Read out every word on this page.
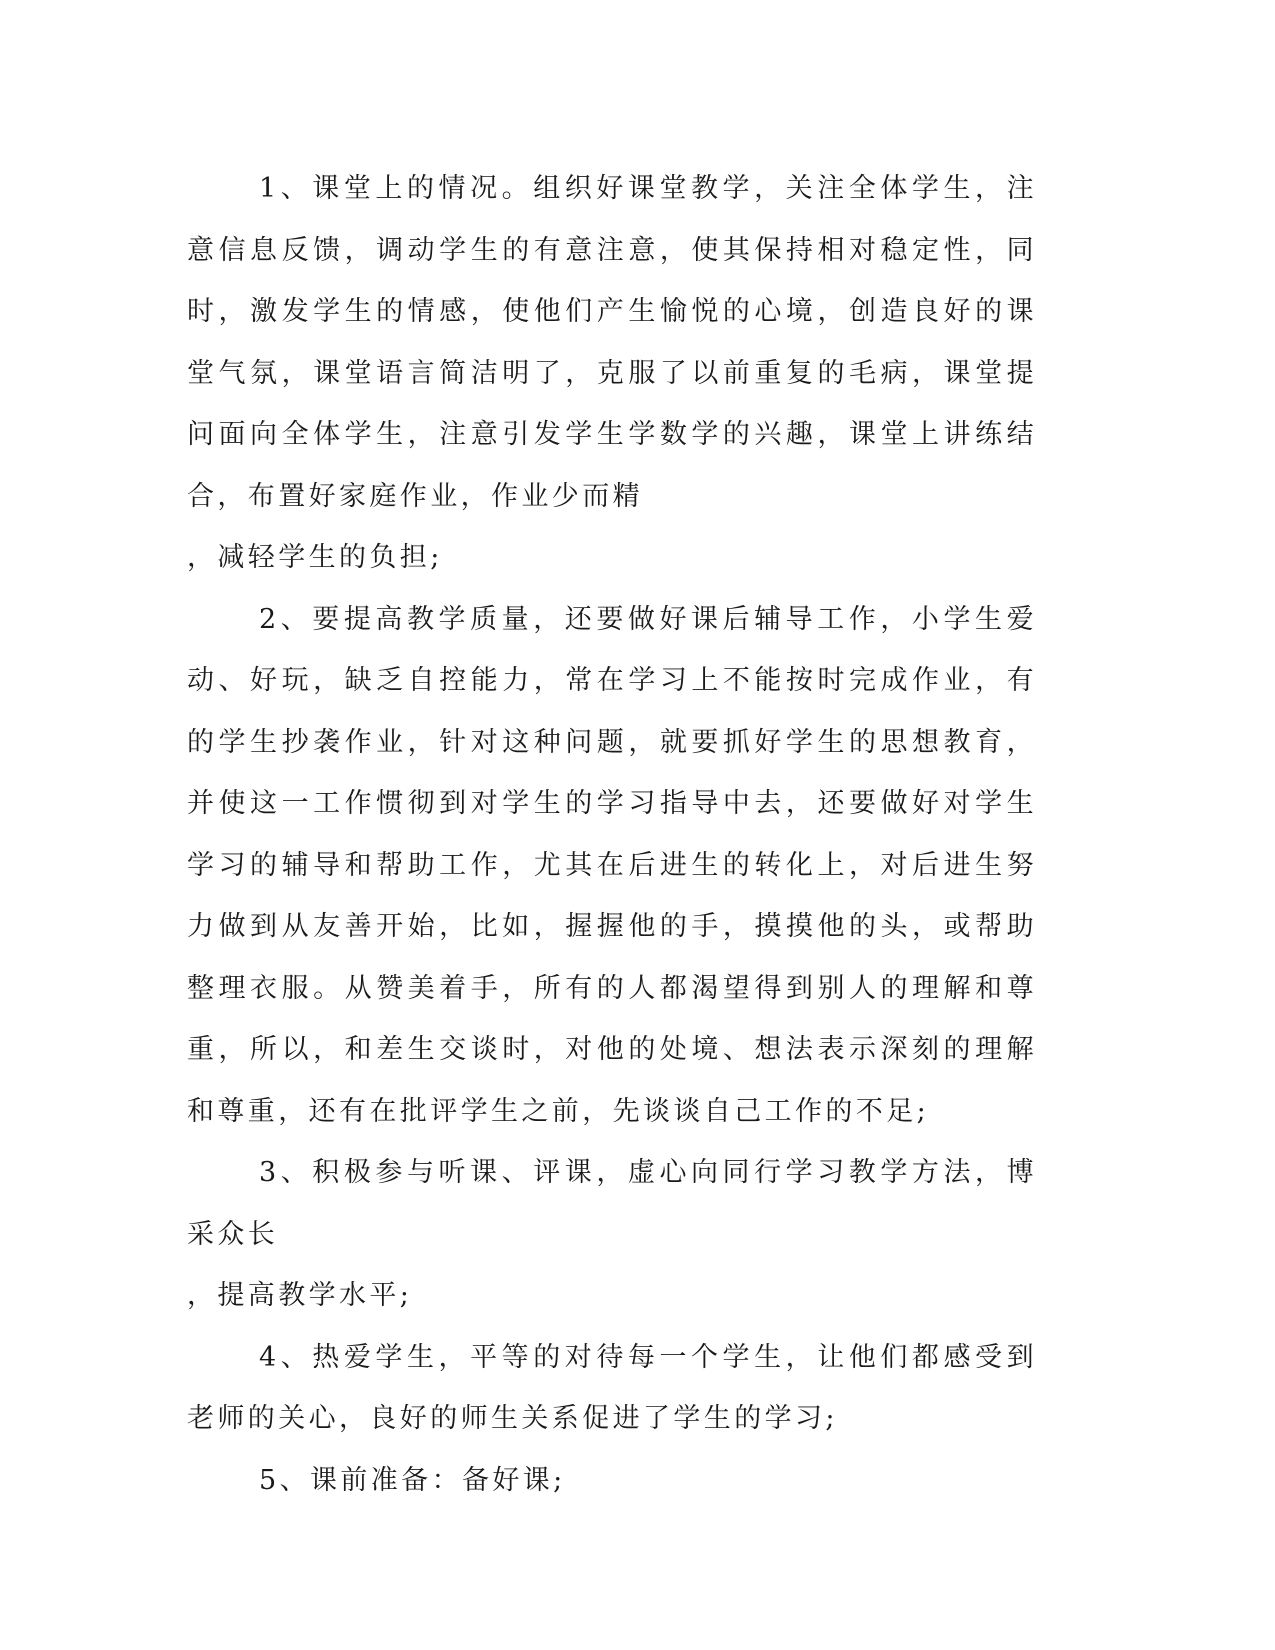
1、课堂上的情况。组织好课堂教学，关注全体学生，注意信息反馈，调动学生的有意注意，使其保持相对稳定性，同时，激发学生的情感，使他们产生愉悦的心境，创造良好的课堂气氛，课堂语言简洁明了，克服了以前重复的毛病，课堂提问面向全体学生，注意引发学生学数学的兴趣，课堂上讲练结合，布置好家庭作业，作业少而精
，减轻学生的负担;

2、要提高教学质量，还要做好课后辅导工作，小学生爱动、好玩，缺乏自控能力，常在学习上不能按时完成作业，有的学生抄袭作业，针对这种问题，就要抓好学生的思想教育，并使这一工作惯彻到对学生的学习指导中去，还要做好对学生学习的辅导和帮助工作，尤其在后进生的转化上，对后进生努力做到从友善开始，比如，握握他的手，摸摸他的头，或帮助整理衣服。从赞美着手，所有的人都渴望得到别人的理解和尊重，所以，和差生交谈时，对他的处境、想法表示深刻的理解和尊重，还有在批评学生之前，先谈谈自己工作的不足;

3、积极参与听课、评课，虚心向同行学习教学方法，博采众长
，提高教学水平;

4、热爱学生，平等的对待每一个学生，让他们都感受到老师的关心，良好的师生关系促进了学生的学习;

5、课前准备：备好课;
